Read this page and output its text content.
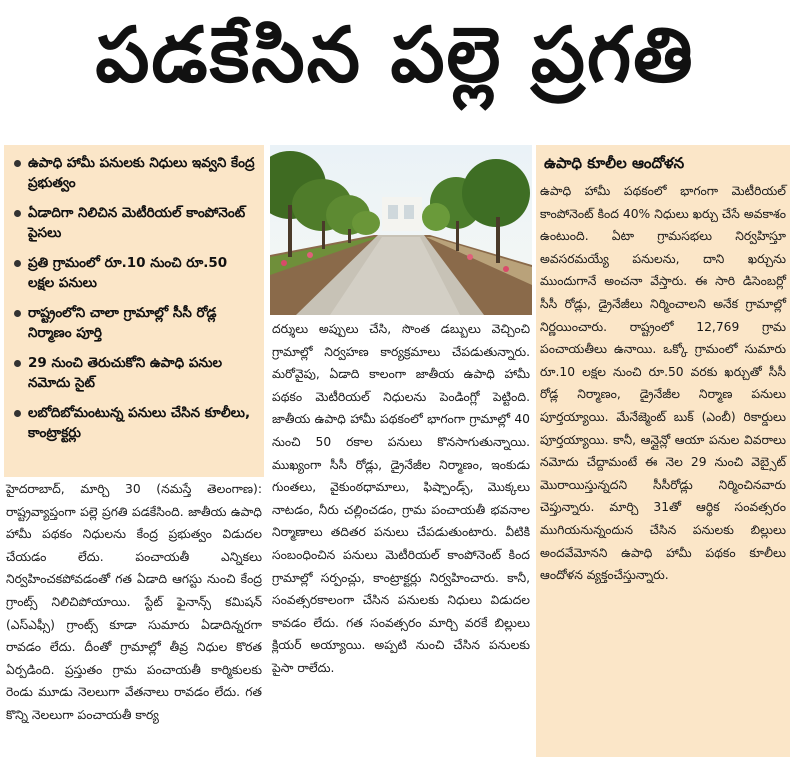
పడకేసిన పల్లె ప్రగతి
ఉపాధి హామీ పనులకు నిధులు ఇవ్వని కేంద్ర ప్రభుత్వం
ఏడాదిగా నిలిచిన మెటీరియల్ కాంపోనెంట్ పైసలు
ప్రతి గ్రామంలో రూ.10 నుంచి రూ.50 లక్షల పనులు
రాష్ట్రంలోని చాలా గ్రామాల్లో సీసీ రోడ్ల నిర్మాణం పూర్తి
29 నుంచి తెరుచుకోని ఉపాధి పనుల నమోదు సైట్
లబోదిబోమంటున్న పనులు చేసిన కూలీలు, కాంట్రాక్టర్లు

హైదరాబాద్, మార్చి 30 (నమస్తే తెలంగాణ): రాష్ట్రవ్యాప్తంగా పల్లె ప్రగతి పడకేసింది. జాతీయ ఉపాధి హామీ పథకం నిధులను కేంద్ర ప్రభుత్వం విడుదల చేయడం లేదు. పంచాయతీ ఎన్నికలు నిర్వహించకపోవడంతో గత ఏడాది ఆగస్టు నుంచి కేంద్ర గ్రాంట్స్ నిలిచిపోయాయి. స్టేట్ ఫైనాన్స్ కమిషన్ (ఎస్ఎఫ్సీ) గ్రాంట్స్ కూడా సుమారు ఏడాదిన్నరగా రావడం లేదు. దీంతో గ్రామాల్లో తీవ్ర నిధుల కొరత ఏర్పడింది. ప్రస్తుతం గ్రామ పంచాయతీ కార్మికులకు రెండు మూడు నెలలుగా వేతనాలు రావడం లేదు. గత కొన్ని నెలలుగా పంచాయతీ కార్య

దర్శులు అప్పులు చేసి, సొంత డబ్బులు వెచ్చించి గ్రామాల్లో నిర్వహణ కార్యక్రమాలు చేపడుతున్నారు. మరోవైపు, ఏడాది కాలంగా జాతీయ ఉపాధి హామీ పథకం మెటీరియల్ నిధులను పెండింగ్లో పెట్టింది. జాతీయ ఉపాధి హామీ పథకంలో భాగంగా గ్రామాల్లో 40 నుంచి 50 రకాల పనులు కొనసాగుతున్నాయి. ముఖ్యంగా సీసీ రోడ్లు, డ్రైనేజీల నిర్మాణం, ఇంకుడు గుంతలు, వైకుంఠధామాలు, ఫిష్పాండ్స్, మొక్కలు నాటడం, నీరు చల్లించడం, గ్రామ పంచాయతీ భవనాల నిర్మాణాలు తదితర పనులు చేపడుతుంటారు. వీటికి సంబంధించిన పనులు మెటీరియల్ కాంపోనెంట్ కింద గ్రామాల్లో సర్పంచ్లు, కాంట్రాక్టర్లు నిర్వహించారు. కానీ, సంవత్సరకాలంగా చేసిన పనులకు నిధులు విడుదల కావడం లేదు. గత సంవత్సరం మార్చి వరకే బిల్లులు క్లియర్ అయ్యాయి. అప్పటి నుంచి చేసిన పనులకు పైసా రాలేదు.

ఉపాధి కూలీల ఆందోళన

ఉపాధి హామీ పథకంలో భాగంగా మెటీరియల్ కాంపోనెంట్ కింద 40% నిధులు ఖర్చు చేసే అవకాశం ఉంటుంది. ఏటా గ్రామసభలు నిర్వహిస్తూ అవసరమయ్యే పనులను, దాని ఖర్చును ముందుగానే అంచనా వేస్తారు. ఈ సారి డిసెంబర్లో సీసీ రోడ్లు, డ్రైనేజీలు నిర్మించాలని అనేక గ్రామాల్లో నిర్ణయించారు. రాష్ట్రంలో 12,769 గ్రామ పంచాయతీలు ఉనాయి. ఒక్కో గ్రామంలో సుమారు రూ.10 లక్షల నుంచి రూ.50 వరకు ఖర్చుతో సీసీ రోడ్ల నిర్మాణం, డ్రైనేజీల నిర్మాణ పనులు పూర్తయ్యాయి. మేనేజ్మెంట్ బుక్ (ఎంబీ) రికార్డులు పూర్తయ్యాయి. కానీ, ఆన్లైన్లో ఆయా పనుల వివరాలు నమోదు చేద్దామంటే ఈ నెల 29 నుంచి వెబ్సైట్ మొరాయిస్తున్నదని సీసీరోడ్లు నిర్మించినవారు చెప్తున్నారు. మార్చి 31తో ఆర్థిక సంవత్సరం ముగియనున్నందున చేసిన పనులకు బిల్లులు అందవేమోనని ఉపాధి హామీ పథకం కూలీలు ఆందోళన వ్యక్తంచేస్తున్నారు.
